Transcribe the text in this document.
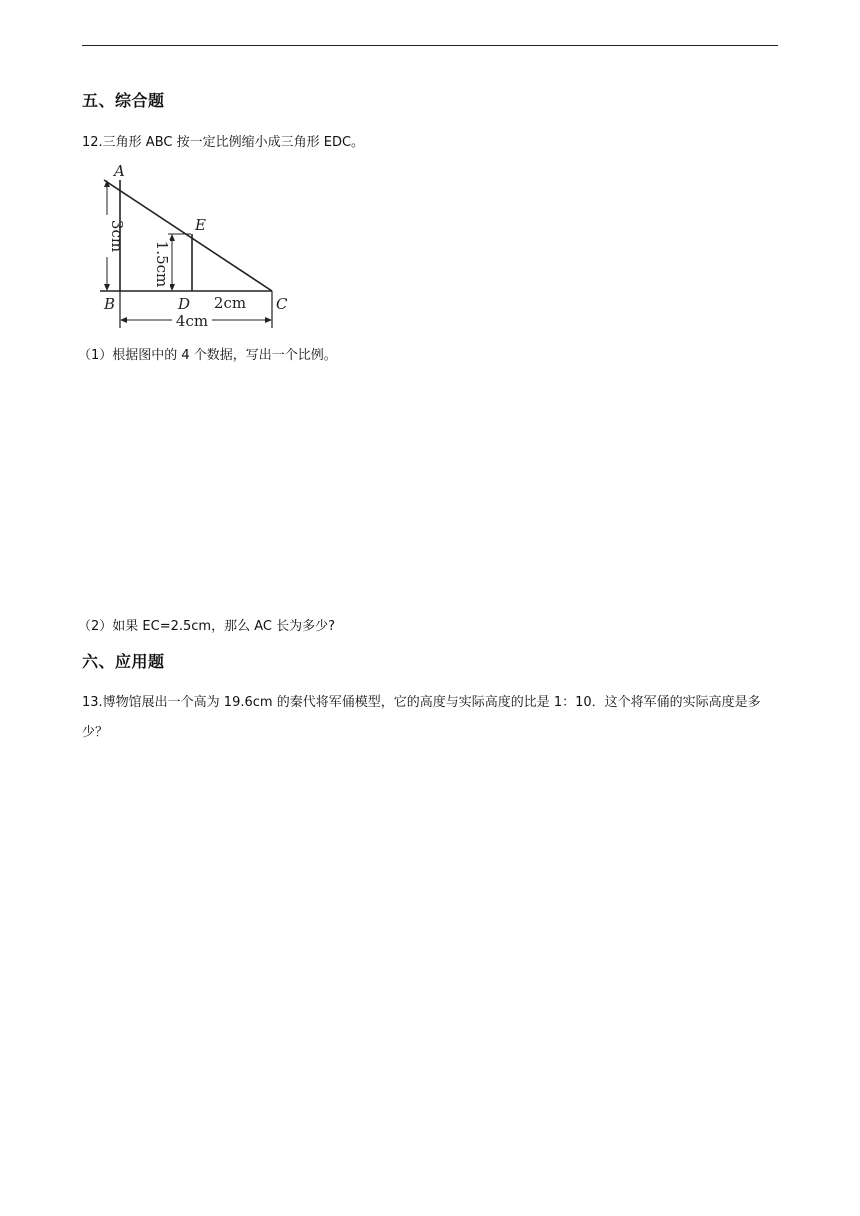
五、综合题
12.三角形 ABC 按一定比例缩小成三角形 EDC。
3cm
1.5cm
4cm
2cm
A
E
B	D	C
（1）根据图中的 4 个数据，写出一个比例。
（2）如果 EC=2.5cm，那么 AC 长为多少?
六、应用题
13.博物馆展出一个高为 19.6cm 的秦代将军俑模型，它的高度与实际高度的比是 1：10．这个将军俑的实际高度是多少？
